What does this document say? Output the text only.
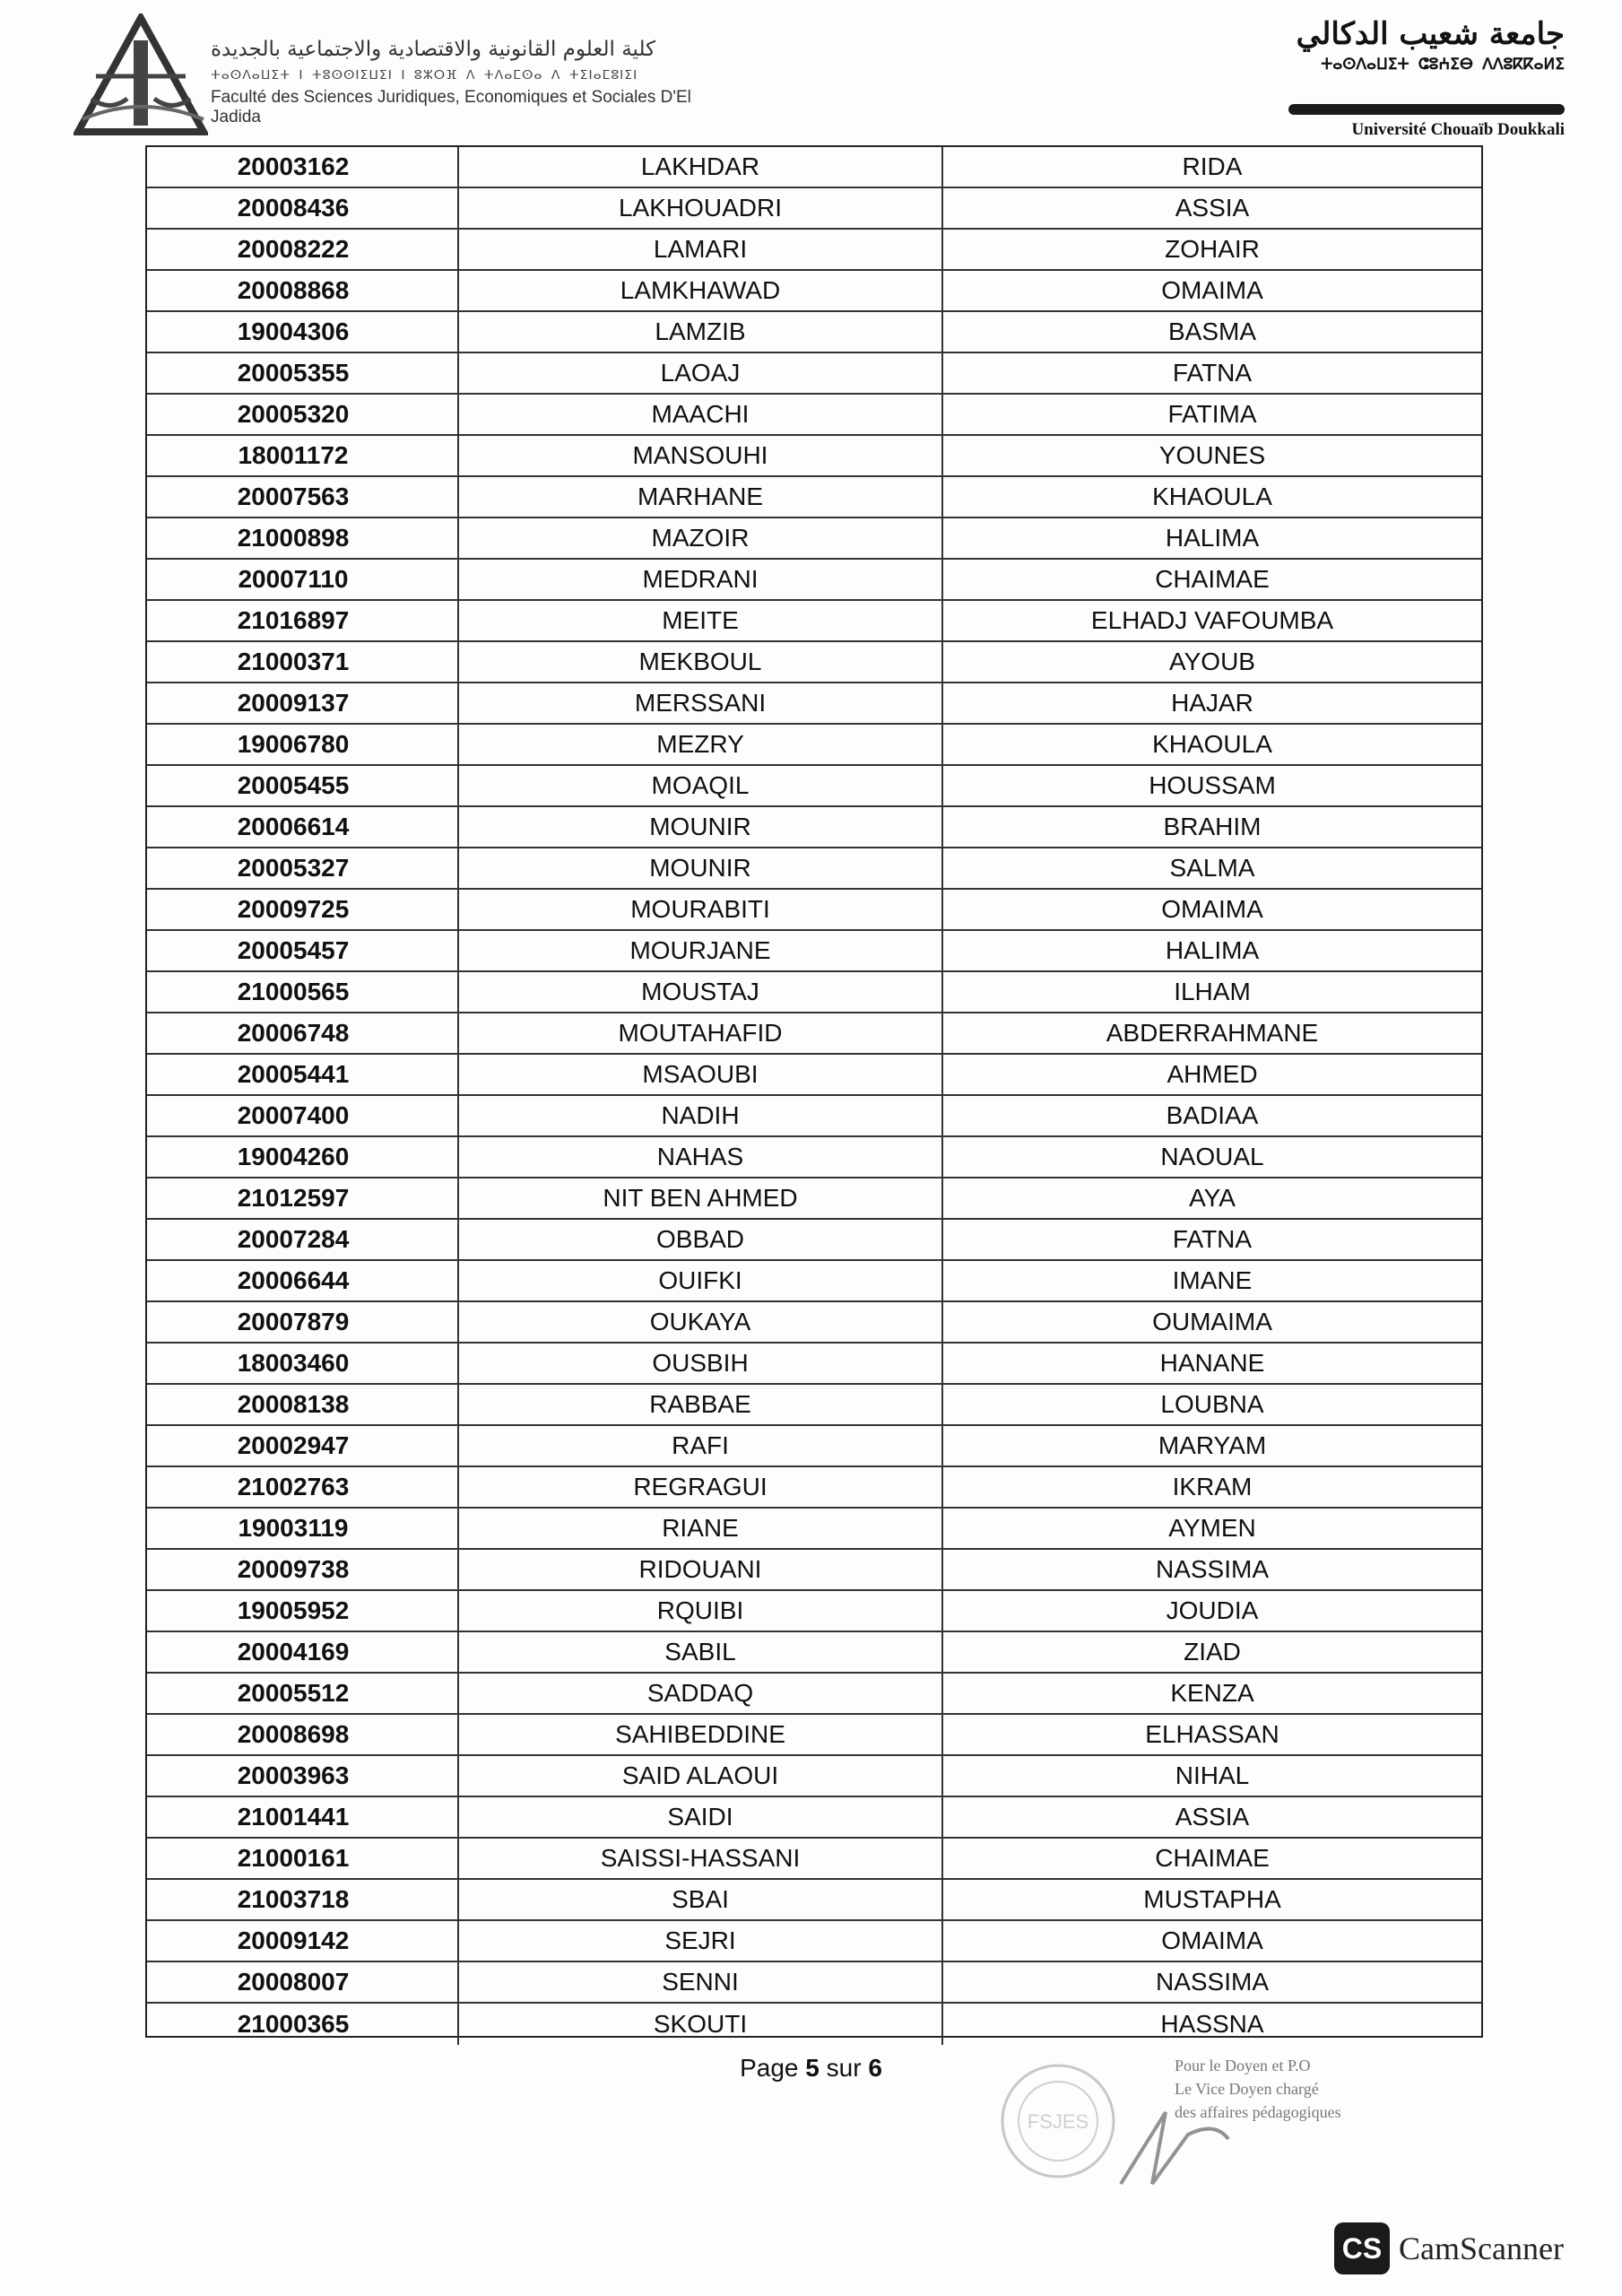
كلية العلوم القانونية والاقتصادية والاجتماعية بالجديدة
ⵜⴰⵙⴷⴰⵡⵉⵜ ⵏ ⵜⵓⵙⵙⵏⵉⵡⵉⵏ ⵏ ⵓⵣⵔⴼ ⴷ ⵜⴷⴰⵎⵙⴰ ⴷ ⵜⵉⵏⴰⵎⵓⵏⵉⵏ
Faculté des Sciences Juridiques, Economiques et Sociales D'El Jadida
جامعة شعيب الدكالي
ⵜⴰⵙⴷⴰⵡⵉⵜ ⵛⵓⵄⵉⴱ ⴷⴷⵓⴽⴽⴰⵍⵉ
Université Chouaïb Doukkali
20003162	LAKHDAR	RIDA
20008436	LAKHOUADRI	ASSIA
20008222	LAMARI	ZOHAIR
20008868	LAMKHAWAD	OMAIMA
19004306	LAMZIB	BASMA
20005355	LAOAJ	FATNA
20005320	MAACHI	FATIMA
18001172	MANSOUHI	YOUNES
20007563	MARHANE	KHAOULA
21000898	MAZOIR	HALIMA
20007110	MEDRANI	CHAIMAE
21016897	MEITE	ELHADJ VAFOUMBA
21000371	MEKBOUL	AYOUB
20009137	MERSSANI	HAJAR
19006780	MEZRY	KHAOULA
20005455	MOAQIL	HOUSSAM
20006614	MOUNIR	BRAHIM
20005327	MOUNIR	SALMA
20009725	MOURABITI	OMAIMA
20005457	MOURJANE	HALIMA
21000565	MOUSTAJ	ILHAM
20006748	MOUTAHAFID	ABDERRAHMANE
20005441	MSAOUBI	AHMED
20007400	NADIH	BADIAA
19004260	NAHAS	NAOUAL
21012597	NIT BEN AHMED	AYA
20007284	OBBAD	FATNA
20006644	OUIFKI	IMANE
20007879	OUKAYA	OUMAIMA
18003460	OUSBIH	HANANE
20008138	RABBAE	LOUBNA
20002947	RAFI	MARYAM
21002763	REGRAGUI	IKRAM
19003119	RIANE	AYMEN
20009738	RIDOUANI	NASSIMA
19005952	RQUIBI	JOUDIA
20004169	SABIL	ZIAD
20005512	SADDAQ	KENZA
20008698	SAHIBEDDINE	ELHASSAN
20003963	SAID ALAOUI	NIHAL
21001441	SAIDI	ASSIA
21000161	SAISSI-HASSANI	CHAIMAE
21003718	SBAI	MUSTAPHA
20009142	SEJRI	OMAIMA
20008007	SENNI	NASSIMA
21000365	SKOUTI	HASSNA
Page 5 sur 6
FSJES
Pour le Doyen et P.O
Le Vice Doyen chargé
des affaires pédagogiques
CS CamScanner
